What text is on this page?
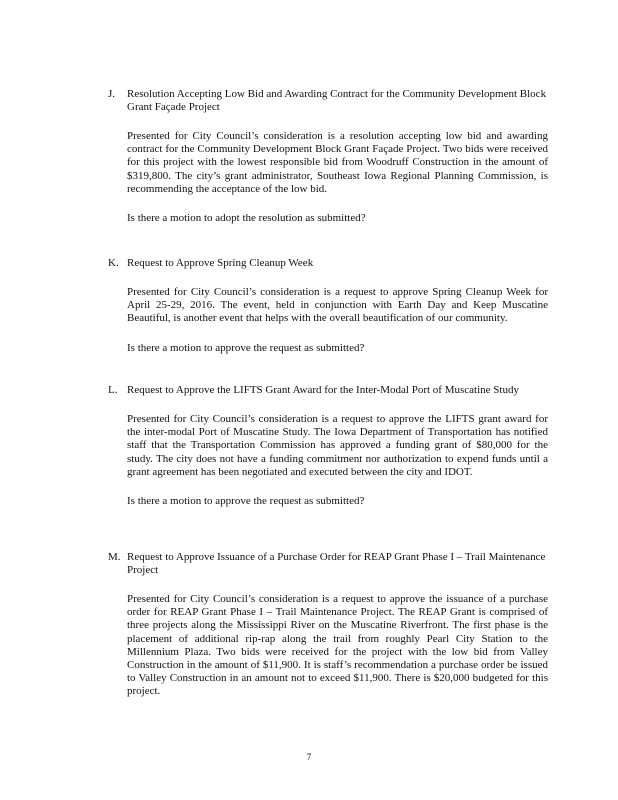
J. Resolution Accepting Low Bid and Awarding Contract for the Community Development Block Grant Façade Project
Presented for City Council’s consideration is a resolution accepting low bid and awarding contract for the Community Development Block Grant Façade Project. Two bids were received for this project with the lowest responsible bid from Woodruff Construction in the amount of $319,800. The city’s grant administrator, Southeast Iowa Regional Planning Commission, is recommending the acceptance of the low bid.
Is there a motion to adopt the resolution as submitted?
K. Request to Approve Spring Cleanup Week
Presented for City Council’s consideration is a request to approve Spring Cleanup Week for April 25-29, 2016. The event, held in conjunction with Earth Day and Keep Muscatine Beautiful, is another event that helps with the overall beautification of our community.
Is there a motion to approve the request as submitted?
L. Request to Approve the LIFTS Grant Award for the Inter-Modal Port of Muscatine Study
Presented for City Council’s consideration is a request to approve the LIFTS grant award for the inter-modal Port of Muscatine Study. The Iowa Department of Transportation has notified staff that the Transportation Commission has approved a funding grant of $80,000 for the study. The city does not have a funding commitment nor authorization to expend funds until a grant agreement has been negotiated and executed between the city and IDOT.
Is there a motion to approve the request as submitted?
M. Request to Approve Issuance of a Purchase Order for REAP Grant Phase I – Trail Maintenance Project
Presented for City Council’s consideration is a request to approve the issuance of a purchase order for REAP Grant Phase I – Trail Maintenance Project. The REAP Grant is comprised of three projects along the Mississippi River on the Muscatine Riverfront. The first phase is the placement of additional rip-rap along the trail from roughly Pearl City Station to the Millennium Plaza. Two bids were received for the project with the low bid from Valley Construction in the amount of $11,900. It is staff’s recommendation a purchase order be issued to Valley Construction in an amount not to exceed $11,900. There is $20,000 budgeted for this project.
7
